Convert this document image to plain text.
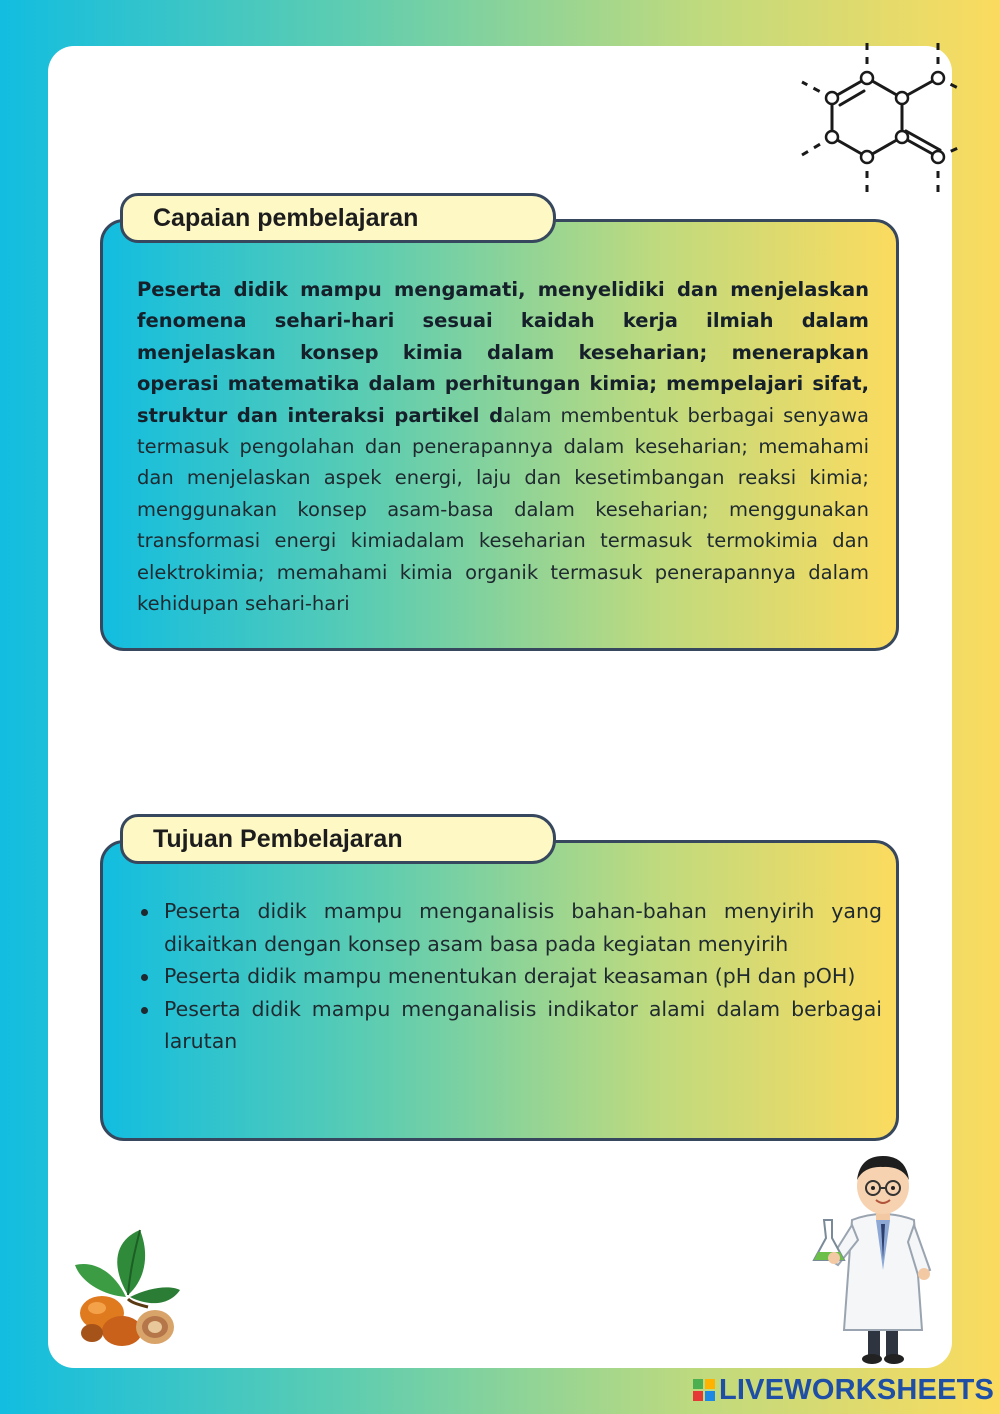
Capaian pembelajaran

Peserta didik mampu mengamati, menyelidiki dan menjelaskan fenomena sehari-hari sesuai kaidah kerja ilmiah dalam menjelaskan konsep kimia dalam keseharian; menerapkan operasi matematika dalam perhitungan kimia; mempelajari sifat, struktur dan interaksi partikel dalam membentuk berbagai senyawa termasuk pengolahan dan penerapannya dalam keseharian; memahami dan menjelaskan aspek energi, laju dan kesetimbangan reaksi kimia; menggunakan konsep asam-basa dalam keseharian; menggunakan transformasi energi kimiadalam keseharian termasuk termokimia dan elektrokimia; memahami kimia organik termasuk penerapannya dalam kehidupan sehari-hari

Tujuan Pembelajaran
Peserta didik mampu menganalisis bahan-bahan menyirih yang dikaitkan dengan konsep asam basa pada kegiatan menyirih
Peserta didik mampu menentukan derajat keasaman (pH dan pOH)
Peserta didik mampu menganalisis indikator alami dalam berbagai larutan
LIVEWORKSHEETS
